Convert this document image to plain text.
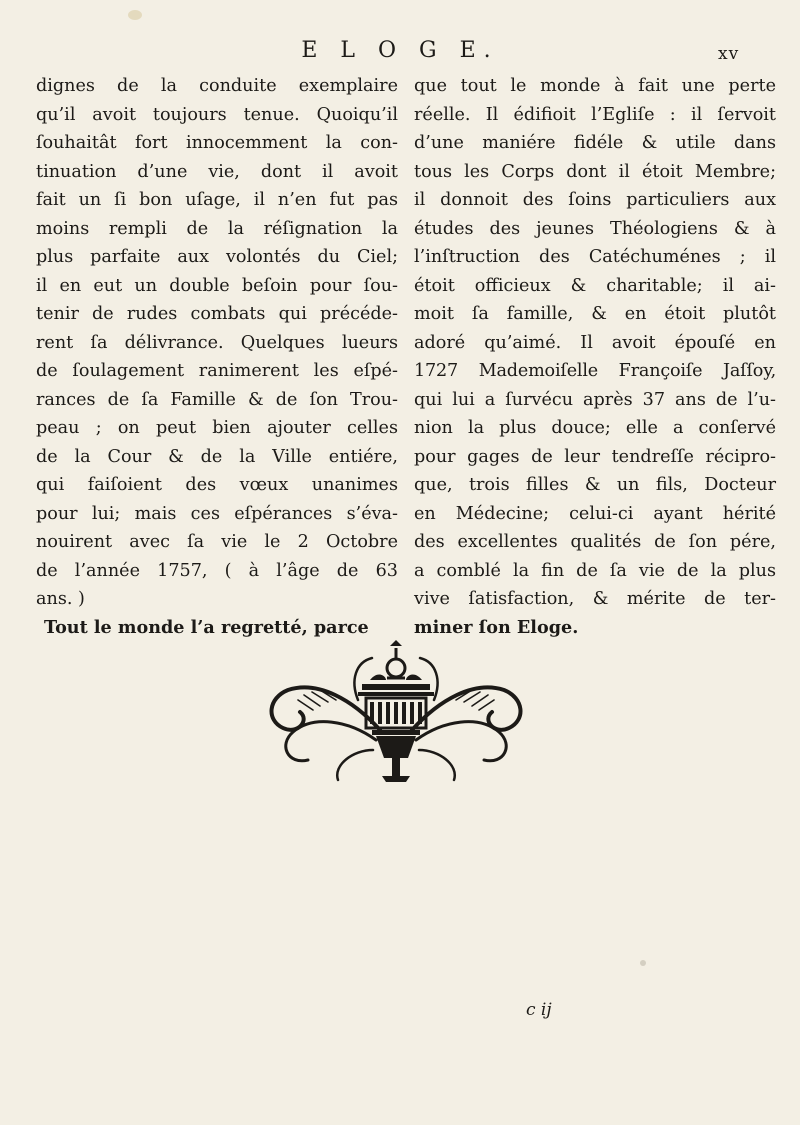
E L O G E.	xv
dignes de la conduite exemplaire
qu’il avoit toujours tenue. Quoiqu’il
ſouhaitât fort innocemment la con-
tinuation d’une vie, dont il avoit
fait un ſi bon uſage, il n’en fut pas
moins rempli de la réſignation la
plus parfaite aux volontés du Ciel;
il en eut un double beſoin pour ſou-
tenir de rudes combats qui précéde-
rent ſa délivrance. Quelques lueurs
de ſoulagement ranimerent les eſpé-
rances de ſa Famille & de ſon Trou-
peau ; on peut bien ajouter celles
de la Cour & de la Ville entiére,
qui faiſoient des vœux unanimes
pour lui; mais ces eſpérances s’éva-
nouirent avec ſa vie le 2 Octobre
de l’année 1757, ( à l’âge de 63
ans. )
Tout le monde l’a regretté, parce
que tout le monde à fait une perte
réelle. Il édifioit l’Egliſe : il ſervoit
d’une maniére fidéle & utile dans
tous les Corps dont il étoit Membre;
il donnoit des ſoins particuliers aux
études des jeunes Théologiens & à
l’inſtruction des Catéchuménes ; il
étoit officieux & charitable; il ai-
moit ſa famille, & en étoit plutôt
adoré qu’aimé. Il avoit épouſé en
1727 Mademoiſelle Françoiſe Jaſſoy,
qui lui a ſurvécu après 37 ans de l’u-
nion la plus douce; elle a conſervé
pour gages de leur tendreſſe récipro-
que, trois filles & un fils, Docteur
en Médecine; celui-ci ayant hérité
des excellentes qualités de ſon pére,
a comblé la fin de ſa vie de la plus
vive ſatisfaction, & mérite de ter-
miner ſon Eloge.
c ij
